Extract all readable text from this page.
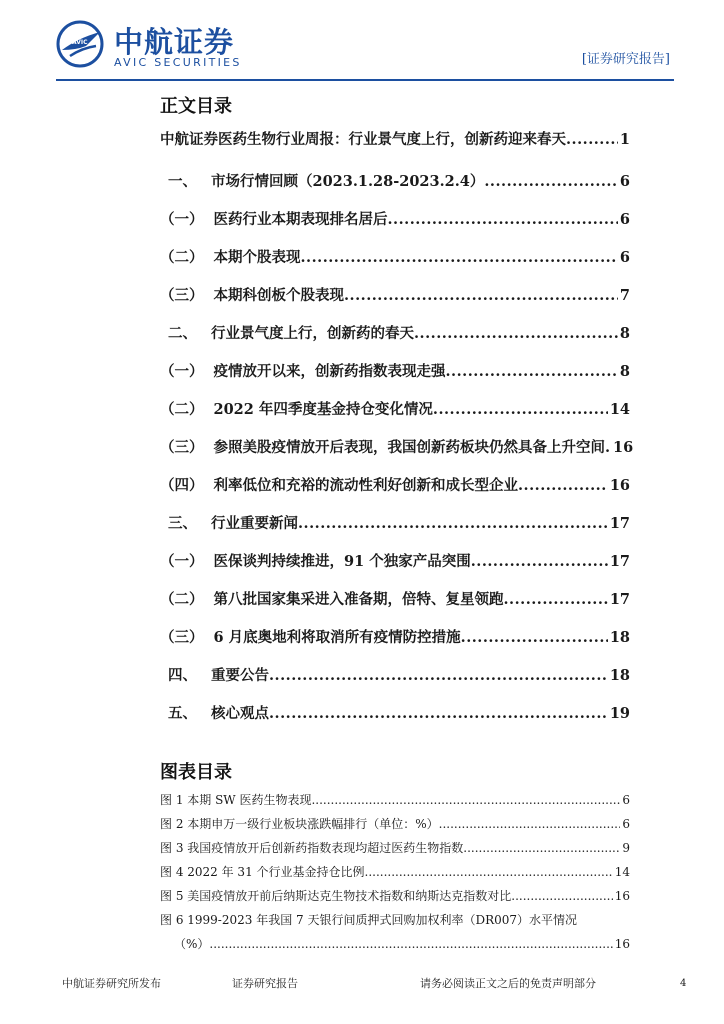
AVIC 中航证券
AVIC SECURITIES	[证券研究报告]
正文目录
中航证券医药生物行业周报：行业景气度上行，创新药迎来春天 .....	1
一、 市场行情回顾（2023.1.28-2023.2.4） .....	6
（一） 医药行业本期表现排名居后 .....	6
（二） 本期个股表现 .....	6
（三） 本期科创板个股表现 .....	7
二、 行业景气度上行，创新药的春天 .....	8
（一） 疫情放开以来，创新药指数表现走强 .....	8
（二） 2022 年四季度基金持仓变化情况 .....	14
（三） 参照美股疫情放开后表现，我国创新药板块仍然具备上升空间 ..... 16
（四） 利率低位和充裕的流动性利好创新和成长型企业 .....	16
三、 行业重要新闻 .....	17
（一） 医保谈判持续推进，91 个独家产品突围 .....	17
（二） 第八批国家集采进入准备期，倍特、复星领跑 .....	17
（三） 6 月底奥地利将取消所有疫情防控措施 .....	18
四、 重要公告 .....	18
五、 核心观点 .....	19
图表目录
图 1 本期 SW 医药生物表现 .....	6
图 2 本期申万一级行业板块涨跌幅排行（单位：%） .....	6
图 3 我国疫情放开后创新药指数表现均超过医药生物指数 .....	9
图 4 2022 年 31 个行业基金持仓比例 .....	14
图 5 美国疫情放开前后纳斯达克生物技术指数和纳斯达克指数对比 .....	16
图 6 1999-2023 年我国 7 天银行间质押式回购加权利率（DR007）水平情况
（%） .....	16
中航证券研究所发布	证券研究报告	请务必阅读正文之后的免责声明部分	4
